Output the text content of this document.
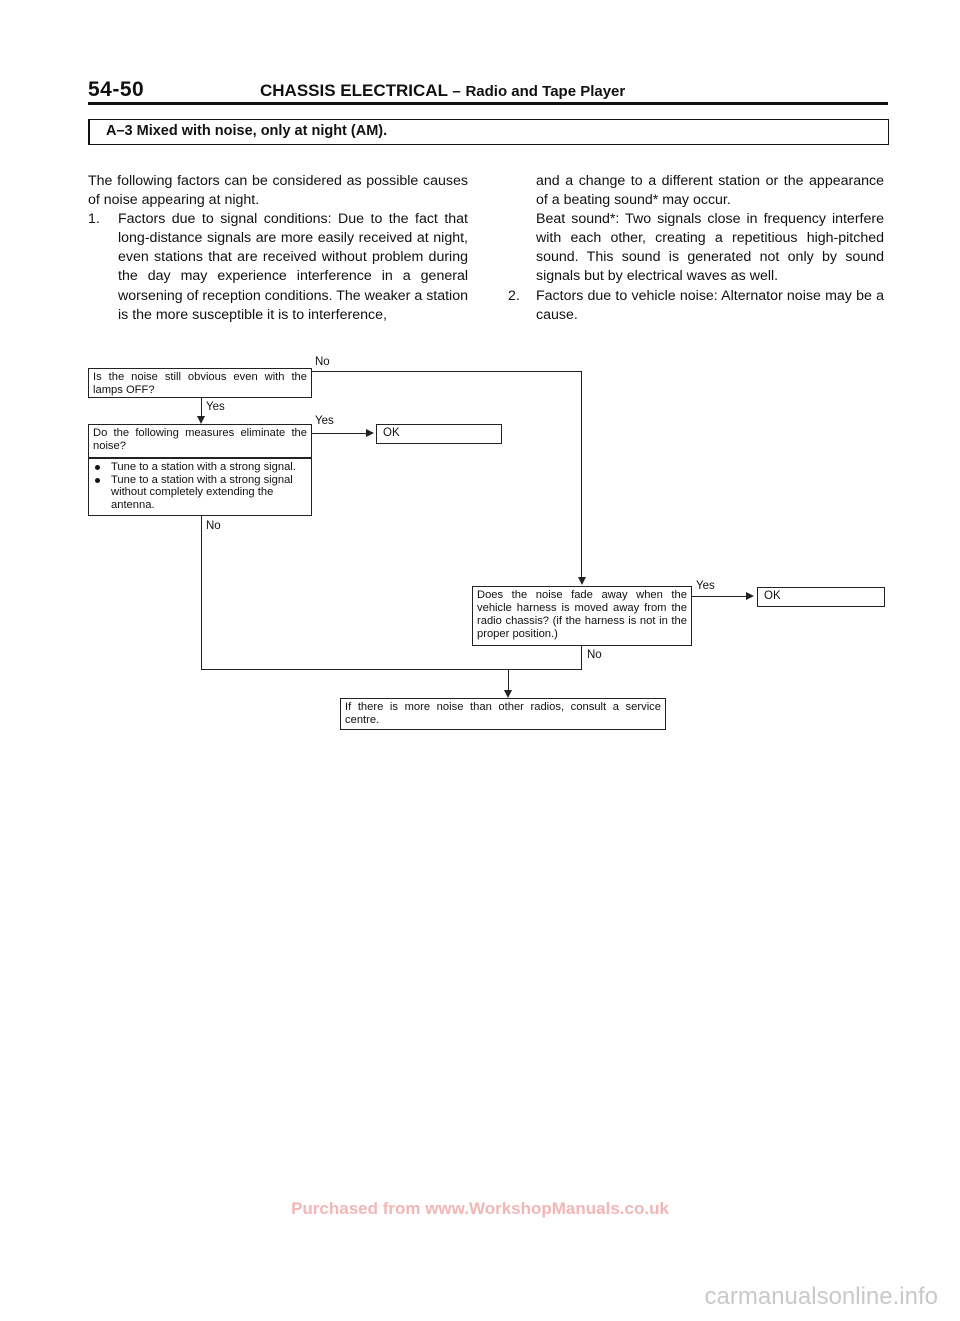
54-50	CHASSIS ELECTRICAL – Radio and Tape Player
A–3 Mixed with noise, only at night (AM).

The following factors can be considered as possible causes of noise appearing at night.

1. Factors due to signal conditions: Due to the fact that long-distance signals are more easily received at night, even stations that are received without problem during the day may experience interference in a general worsening of reception conditions. The weaker a station is the more susceptible it is to interference,

and a change to a different station or the appearance of a beating sound* may occur.

Beat sound*: Two signals close in frequency interfere with each other, creating a repetitious high-pitched sound. This sound is generated not only by sound signals but by electrical waves as well.

2. Factors due to vehicle noise: Alternator noise may be a cause.
Is the noise still obvious even with the lamps OFF?
No
Yes
Do the following measures eliminate the noise?
Yes
OK
Tune to a station with a strong signal.
Tune to a station with a strong signal without completely extending the antenna.
No
Does the noise fade away when the vehicle harness is moved away from the radio chassis? (if the harness is not in the proper position.)
Yes
OK
No
If there is more noise than other radios, consult a service centre.
Purchased from www.WorkshopManuals.co.uk
carmanualsonline.info
